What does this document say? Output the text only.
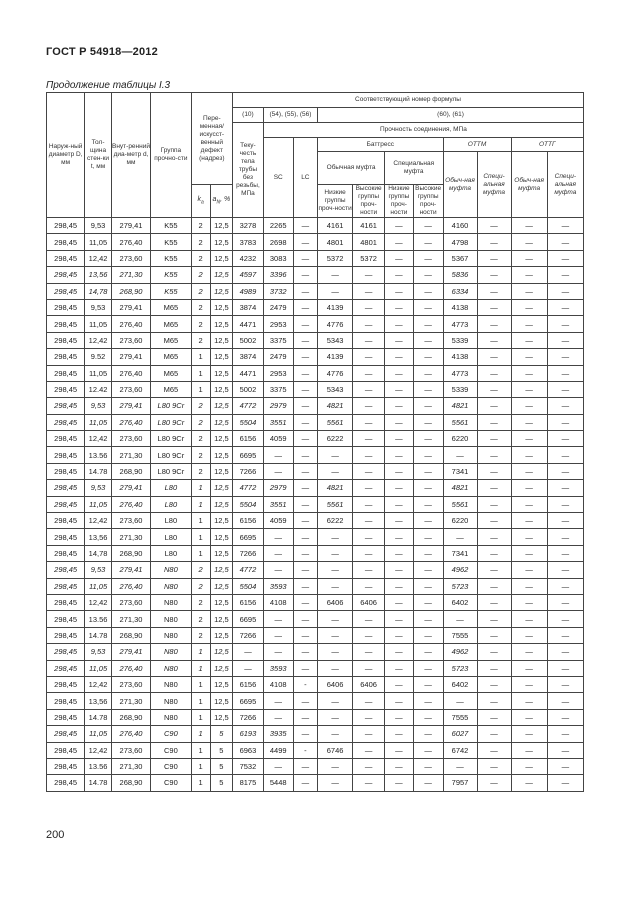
ГОСТ Р 54918—2012
Продолжение таблицы I.3
Наруж-ный диаметр D, мм	Тол-щина стен-ки t, мм	Внут-ренний диа-метр d, мм	Группа прочно-сти	Пере-менная/искусст-венный дефект (надрез)		Соответствующий номер формулы										
						(10)	(54), (55), (56)		(60), (61)							
						Теку-честь тела трубы без резьбы, МПа	Прочность соединения, МПа									
							SC	LC	Баттресс				ОТТМ		ОТТГ	
									Обычная муфта		Специальная муфта		Обыч-ная муфта	Специ-альная муфта	Обыч-ная муфта	Специ-альная муфта
				$k_a$	$a_N$, %				Низкие группы проч-ности	Высокие группы проч-ности	Низкие группы проч-ности	Высокие группы проч-ности				
298,45	9,53	279,41	K55	2	12,5	3278	2265	—	4161	4161	—	—	4160	—	—	—
298,45	11,05	276,40	K55	2	12,5	3783	2698	—	4801	4801	—	—	4798	—	—	—
298,45	12,42	273,60	K55	2	12,5	4232	3083	—	5372	5372	—	—	5367	—	—	—
298,45	13,56	271,30	K55	2	12,5	4597	3396	—	—	—	—	—	5836	—	—	—
298,45	14,78	268,90	K55	2	12,5	4989	3732	—	—	—	—	—	6334	—	—	—
298,45	9,53	279,41	M65	2	12,5	3874	2479	—	4139	—	—	—	4138	—	—	—
298,45	11,05	276,40	M65	2	12,5	4471	2953	—	4776	—	—	—	4773	—	—	—
298,45	12,42	273,60	M65	2	12,5	5002	3375	—	5343	—	—	—	5339	—	—	—
298,45	9.52	279,41	M65	1	12,5	3874	2479	—	4139	—	—	—	4138	—	—	—
298,45	11,05	276,40	M65	1	12,5	4471	2953	—	4776	—	—	—	4773	—	—	—
298,45	12.42	273,60	M65	1	12,5	5002	3375	—	5343	—	—	—	5339	—	—	—
298,45	9,53	279,41	L80 9Cr	2	12,5	4772	2979	—	4821	—	—	—	4821	—	—	—
298,45	11,05	276,40	L80 9Cr	2	12,5	5504	3551	—	5561	—	—	—	5561	—	—	—
298,45	12,42	273,60	L80 9Cr	2	12,5	6156	4059	—	6222	—	—	—	6220	—	—	—
298,45	13.56	271,30	L80 9Cr	2	12,5	6695	—	—	—	—	—	—	—	—	—	—
298,45	14.78	268,90	L80 9Cr	2	12,5	7266	—	—	—	—	—	—	7341	—	—	—
298,45	9,53	279,41	L80	1	12,5	4772	2979	—	4821	—	—	—	4821	—	—	—
298,45	11,05	276,40	L80	1	12,5	5504	3551	—	5561	—	—	—	5561	—	—	—
298,45	12,42	273,60	L80	1	12,5	6156	4059	—	6222	—	—	—	6220	—	—	—
298,45	13,56	271,30	L80	1	12,5	6695	—	—	—	—	—	—	—	—	—	—
298,45	14,78	268,90	L80	1	12,5	7266	—	—	—	—	—	—	7341	—	—	—
298,45	9,53	279,41	N80	2	12,5	4772	—	—	—	—	—	—	4962	—	—	—
298,45	11,05	276,40	N80	2	12,5	5504	3593	—	—	—	—	—	5723	—	—	—
298,45	12,42	273,60	N80	2	12,5	6156	4108	—	6406	6406	—	—	6402	—	—	—
298,45	13.56	271,30	N80	2	12,5	6695	—	—	—	—	—	—	—	—	—	—
298,45	14.78	268,90	N80	2	12,5	7266	—	—	—	—	—	—	7555	—	—	—
298,45	9,53	279,41	N80	1	12,5	—	—	—	—	—	—	—	4962	—	—	—
298,45	11,05	276,40	N80	1	12,5	—	3593	—	—	—	—	—	5723	—	—	—
298,45	12,42	273,60	N80	1	12,5	6156	4108	-	6406	6406	—	—	6402	—	—	—
298,45	13,56	271,30	N80	1	12,5	6695	—	—	—	—	—	—	—	—	—	—
298,45	14.78	268,90	N80	1	12,5	7266	—	—	—	—	—	—	7555	—	—	—
298,45	11,05	276,40	C90	1	5	6193	3935	—	—	—	—	—	6027	—	—	—
298,45	12,42	273,60	C90	1	5	6963	4499	-	6746	—	—	—	6742	—	—	—
298,45	13.56	271,30	C90	1	5	7532	—	—	—	—	—	—	—	—	—	—
298,45	14.78	268,90	C90	1	5	8175	5448	—	—	—	—	—	7957	—	—	—
200
